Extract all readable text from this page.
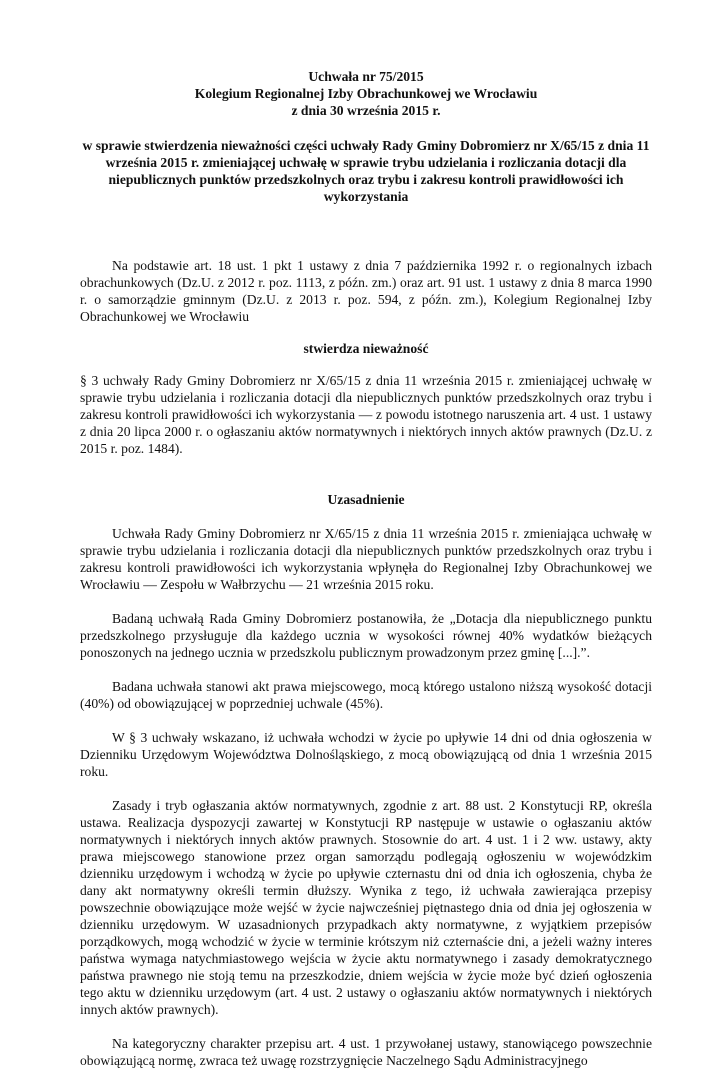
Uchwała nr 75/2015
Kolegium Regionalnej Izby Obrachunkowej we Wrocławiu
z dnia 30 września 2015 r.
w sprawie stwierdzenia nieważności części uchwały Rady Gminy Dobromierz nr X/65/15 z dnia 11 września 2015 r. zmieniającej uchwałę w sprawie trybu udzielania i rozliczania dotacji dla niepublicznych punktów przedszkolnych oraz trybu i zakresu kontroli prawidłowości ich wykorzystania

Na podstawie art. 18 ust. 1 pkt 1 ustawy z dnia 7 października 1992 r. o regionalnych izbach obrachunkowych (Dz.U. z 2012 r. poz. 1113, z późn. zm.) oraz art. 91 ust. 1 ustawy z dnia 8 marca 1990 r. o samorządzie gminnym (Dz.U. z 2013 r. poz. 594, z późn. zm.), Kolegium Regionalnej Izby Obrachunkowej we Wrocławiu

stwierdza nieważność

§ 3 uchwały Rady Gminy Dobromierz nr X/65/15 z dnia 11 września 2015 r. zmieniającej uchwałę w sprawie trybu udzielania i rozliczania dotacji dla niepublicznych punktów przedszkolnych oraz trybu i zakresu kontroli prawidłowości ich wykorzystania — z powodu istotnego naruszenia art. 4 ust. 1 ustawy z dnia 20 lipca 2000 r. o ogłaszaniu aktów normatywnych i niektórych innych aktów prawnych (Dz.U. z 2015 r. poz. 1484).

Uzasadnienie

Uchwała Rady Gminy Dobromierz nr X/65/15 z dnia 11 września 2015 r. zmieniająca uchwałę w sprawie trybu udzielania i rozliczania dotacji dla niepublicznych punktów przedszkolnych oraz trybu i zakresu kontroli prawidłowości ich wykorzystania wpłynęła do Regionalnej Izby Obrachunkowej we Wrocławiu — Zespołu w Wałbrzychu — 21 września 2015 roku.

Badaną uchwałą Rada Gminy Dobromierz postanowiła, że „Dotacja dla niepublicznego punktu przedszkolnego przysługuje dla każdego ucznia w wysokości równej 40% wydatków bieżących ponoszonych na jednego ucznia w przedszkolu publicznym prowadzonym przez gminę [...].”.

Badana uchwała stanowi akt prawa miejscowego, mocą którego ustalono niższą wysokość dotacji (40%) od obowiązującej w poprzedniej uchwale (45%).

W § 3 uchwały wskazano, iż uchwała wchodzi w życie po upływie 14 dni od dnia ogłoszenia w Dzienniku Urzędowym Województwa Dolnośląskiego, z mocą obowiązującą od dnia 1 września 2015 roku.

Zasady i tryb ogłaszania aktów normatywnych, zgodnie z art. 88 ust. 2 Konstytucji RP, określa ustawa. Realizacja dyspozycji zawartej w Konstytucji RP następuje w ustawie o ogłaszaniu aktów normatywnych i niektórych innych aktów prawnych. Stosownie do art. 4 ust. 1 i 2 ww. ustawy, akty prawa miejscowego stanowione przez organ samorządu podlegają ogłoszeniu w wojewódzkim dzienniku urzędowym i wchodzą w życie po upływie czternastu dni od dnia ich ogłoszenia, chyba że dany akt normatywny określi termin dłuższy. Wynika z tego, iż uchwała zawierająca przepisy powszechnie obowiązujące może wejść w życie najwcześniej piętnastego dnia od dnia jej ogłoszenia w dzienniku urzędowym. W uzasadnionych przypadkach akty normatywne, z wyjątkiem przepisów porządkowych, mogą wchodzić w życie w terminie krótszym niż czternaście dni, a jeżeli ważny interes państwa wymaga natychmiastowego wejścia w życie aktu normatywnego i zasady demokratycznego państwa prawnego nie stoją temu na przeszkodzie, dniem wejścia w życie może być dzień ogłoszenia tego aktu w dzienniku urzędowym (art. 4 ust. 2 ustawy o ogłaszaniu aktów normatywnych i niektórych innych aktów prawnych).

Na kategoryczny charakter przepisu art. 4 ust. 1 przywołanej ustawy, stanowiącego powszechnie obowiązującą normę, zwraca też uwagę rozstrzygnięcie Naczelnego Sądu Administracyjnego
